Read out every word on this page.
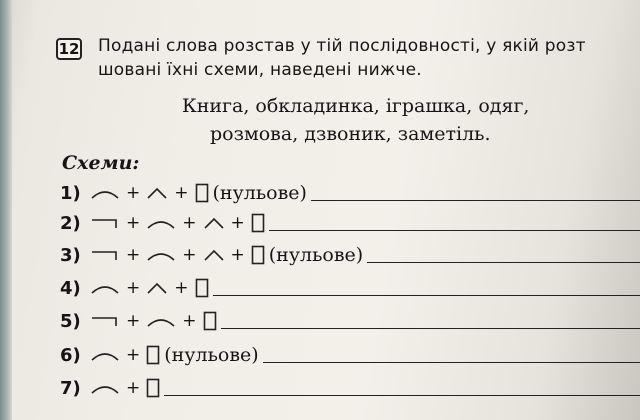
12 Подані слова розстав у тій послідовності, у якій розт
шовані їхні схеми, наведені нижче.
Книга, обкладинка, іграшка, одяг,
розмова, дзвоник, заметіль.
Схеми:
1)	+ + (нульове)
2)	+ + +
3)	+ + + (нульове)
4)	+ +
5)	+ +
6)	+ (нульове)
7)	+
